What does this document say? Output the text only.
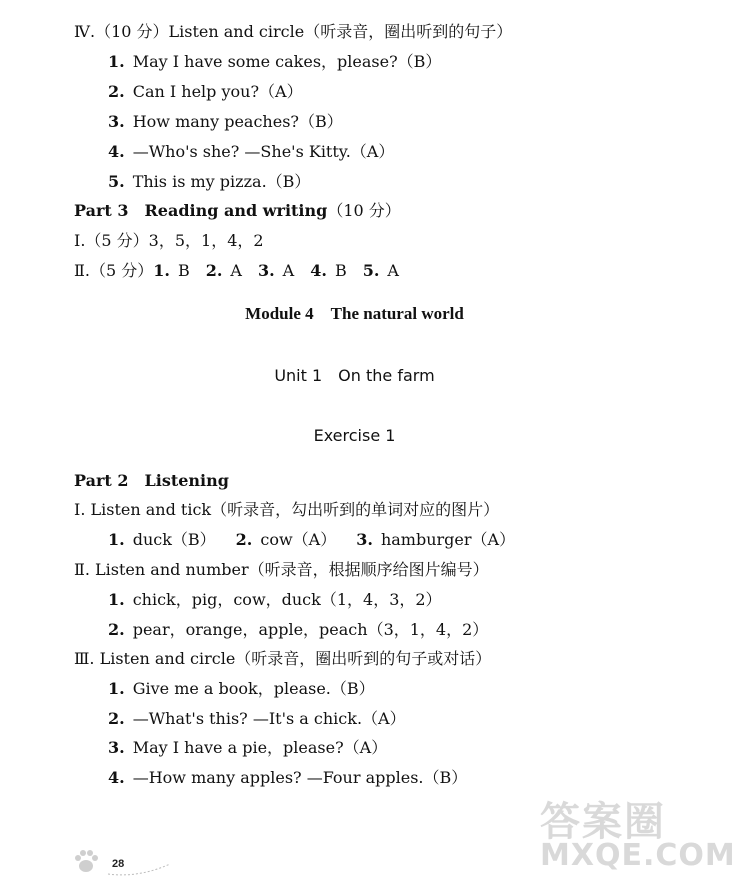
Ⅳ.（10 分）Listen and circle（听录音，圈出听到的句子）
1. May I have some cakes，please?（B）
2. Can I help you?（A）
3. How many peaches?（B）
4. —Who's she? —She's Kitty.（A）
5. This is my pizza.（B）
Part 3　Reading and writing（10 分）
Ⅰ.（5 分）3，5，1，4，2
Ⅱ.（5 分）1. B 2. A 3. A 4. B 5. A
Module 4　The natural world
Unit 1　On the farm
Exercise 1
Part 2　Listening
Ⅰ. Listen and tick（听录音，勾出听到的单词对应的图片）
1. duck（B） 2. cow（A） 3. hamburger（A）
Ⅱ. Listen and number（听录音，根据顺序给图片编号）
1. chick，pig，cow，duck（1，4，3，2）
2. pear，orange，apple，peach（3，1，4，2）
Ⅲ. Listen and circle（听录音，圈出听到的句子或对话）
1. Give me a book，please.（B）
2. —What's this? —It's a chick.（A）
3. May I have a pie，please?（A）
4. —How many apples? —Four apples.（B）
28
答案圈
MXQE.COM
